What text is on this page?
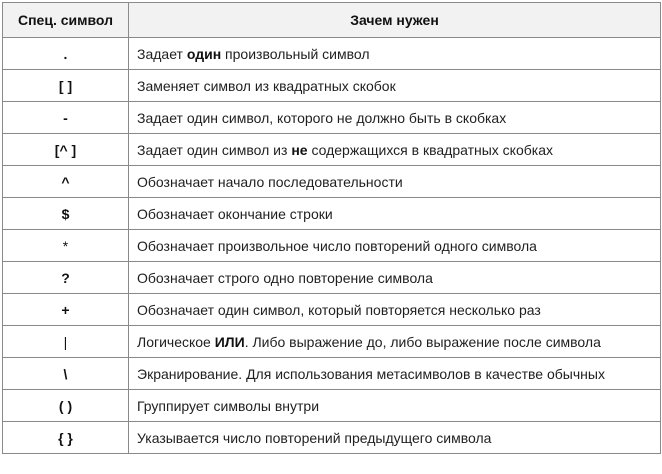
Спец. символ	Зачем нужен
.	Задает один произвольный символ
[ ]	Заменяет символ из квадратных скобок
-	Задает один символ, которого не должно быть в скобках
[^ ]	Задает один символ из не содержащихся в квадратных скобках
^	Обозначает начало последовательности
$	Обозначает окончание строки
*	Обозначает произвольное число повторений одного символа
?	Обозначает строго одно повторение символа
+	Обозначает один символ, который повторяется несколько раз
|	Логическое ИЛИ. Либо выражение до, либо выражение после символа
\	Экранирование. Для использования метасимволов в качестве обычных
( )	Группирует символы внутри
{ }	Указывается число повторений предыдущего символа
